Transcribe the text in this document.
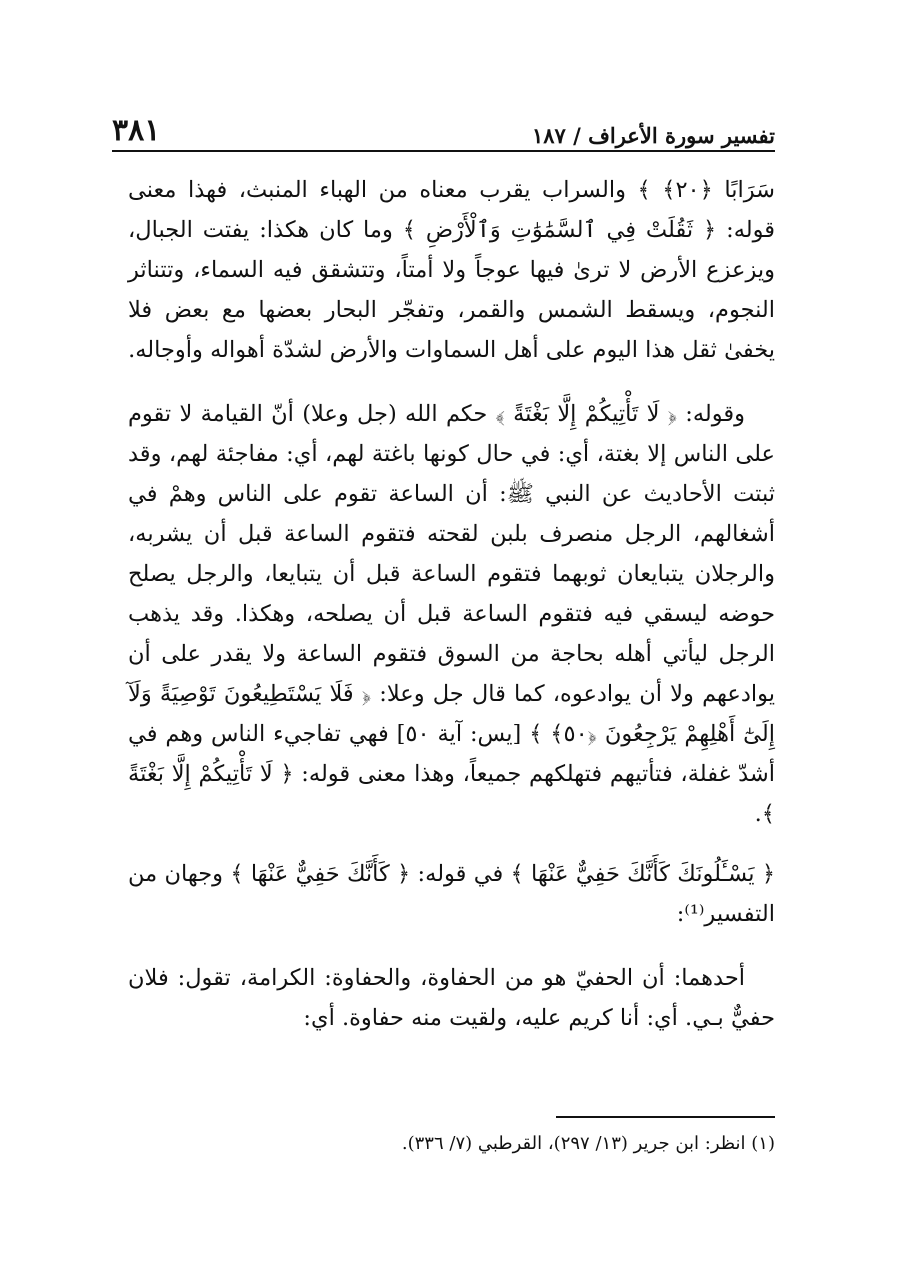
تفسير سورة الأعراف / ١٨٧
٣٨١

سَرَابًا ﴿٢٠﴾ ﴾ والسراب يقرب معناه من الهباء المنبث، فهذا معنى قوله: ﴿ ثَقُلَتْ فِي ٱلسَّمَٰوَٰتِ وَٱلْأَرْضِ ﴾ وما كان هكذا: يفتت الجبال، ويزعزع الأرض لا ترىٰ فيها عوجاً ولا أمتاً، وتتشقق فيه السماء، وتتناثر النجوم، ويسقط الشمس والقمر، وتفجّر البحار بعضها مع بعض فلا يخفىٰ ثقل هذا اليوم على أهل السماوات والأرض لشدّة أهواله وأوجاله.

وقوله: ﴿ لَا تَأْتِيكُمْ إِلَّا بَغْتَةً ﴾ حكم الله (جل وعلا) أنّ القيامة لا تقوم على الناس إلا بغتة، أي: في حال كونها باغتة لهم، أي: مفاجئة لهم، وقد ثبتت الأحاديث عن النبي ﷺ: أن الساعة تقوم على الناس وهمْ في أشغالهم، الرجل منصرف بلبن لقحته فتقوم الساعة قبل أن يشربه، والرجلان يتبايعان ثوبهما فتقوم الساعة قبل أن يتبايعا، والرجل يصلح حوضه ليسقي فيه فتقوم الساعة قبل أن يصلحه، وهكذا. وقد يذهب الرجل ليأتي أهله بحاجة من السوق فتقوم الساعة ولا يقدر على أن يوادعهم ولا أن يوادعوه، كما قال جل وعلا: ﴿ فَلَا يَسْتَطِيعُونَ تَوْصِيَةً وَلَآ إِلَىٰٓ أَهْلِهِمْ يَرْجِعُونَ ﴿٥٠﴾ ﴾ [يس: آية ٥٠] فهي تفاجيء الناس وهم في أشدّ غفلة، فتأتيهم فتهلكهم جميعاً، وهذا معنى قوله: ﴿ لَا تَأْتِيكُمْ إِلَّا بَغْتَةً ﴾.

﴿ يَسْـَٔلُونَكَ كَأَنَّكَ حَفِيٌّ عَنْهَا ﴾ في قوله: ﴿ كَأَنَّكَ حَفِيٌّ عَنْهَا ﴾ وجهان من التفسير⁽¹⁾:

أحدهما: أن الحفيّ هو من الحفاوة، والحفاوة: الكرامة، تقول: فلان حفيٌّ بـي. أي: أنا كريم عليه، ولقيت منه حفاوة. أي:

(١) انظر: ابن جرير (١٣/ ٢٩٧)، القرطبي (٧/ ٣٣٦).
